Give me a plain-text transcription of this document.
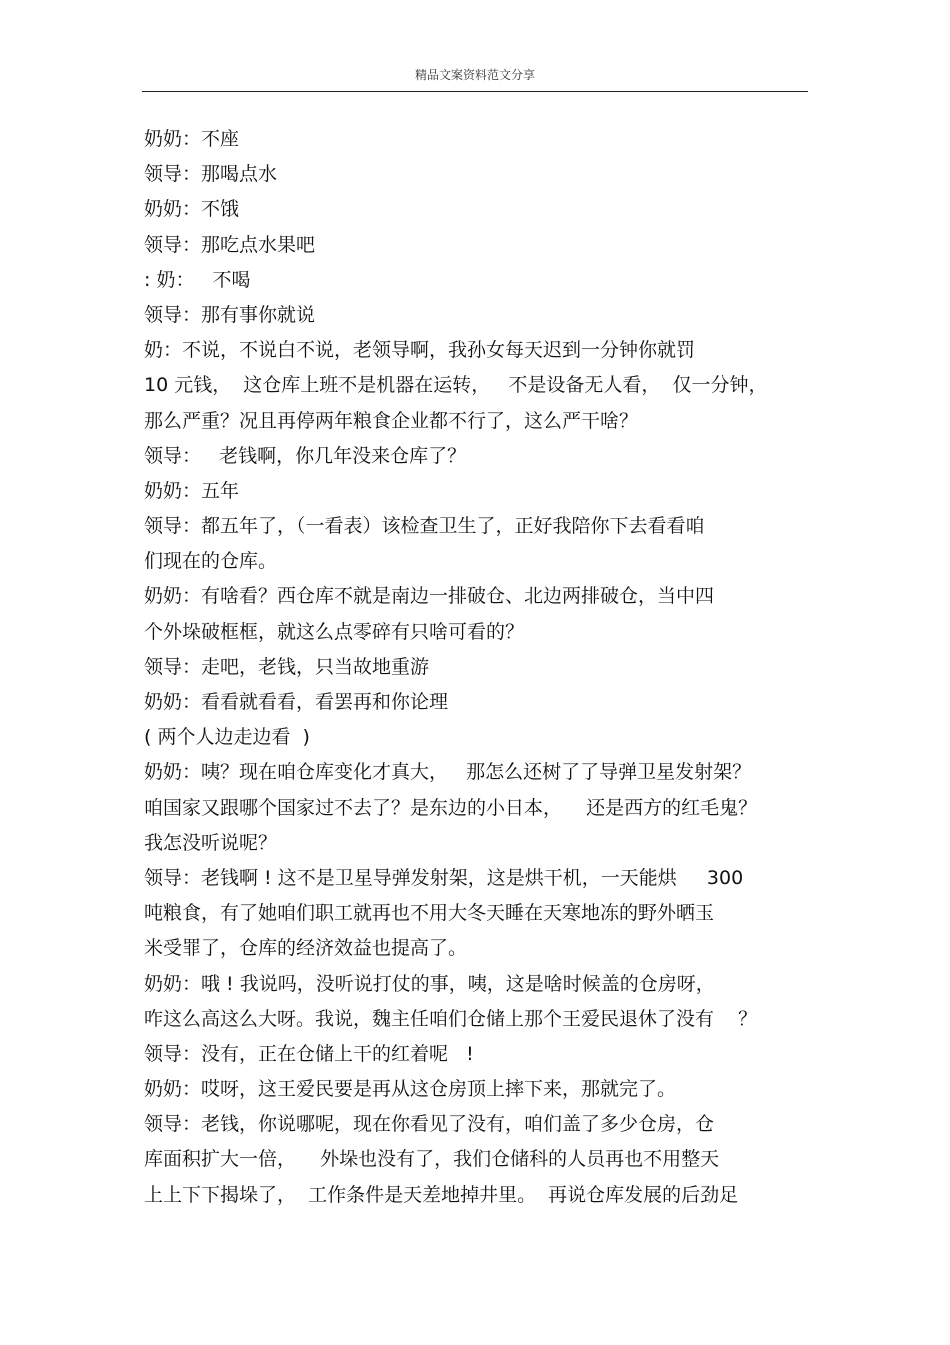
精品文案资料范文分享
奶奶：不座
领导：那喝点水
奶奶：不饿
领导：那吃点水果吧
: 奶：   不喝
领导：那有事你就说
奶：不说，不说白不说，老领导啊，我孙女每天迟到一分钟你就罚
10 元钱，  这仓库上班不是机器在运转，   不是设备无人看，  仅一分钟，
那么严重？况且再停两年粮食企业都不行了，这么严干啥？
领导：   老钱啊，你几年没来仓库了？
奶奶：五年
领导：都五年了，（一看表）该检查卫生了，正好我陪你下去看看咱
们现在的仓库。
奶奶：有啥看？西仓库不就是南边一排破仓、北边两排破仓，当中四
个外垛破框框，就这么点零碎有只啥可看的？
领导：走吧，老钱，只当故地重游
奶奶：看看就看看，看罢再和你论理
( 两个人边走边看  )
奶奶：咦？现在咱仓库变化才真大，   那怎么还树了了导弹卫星发射架？
咱国家又跟哪个国家过不去了？是东边的小日本，    还是西方的红毛鬼？
我怎没听说呢？
领导：老钱啊 ! 这不是卫星导弹发射架，这是烘干机，一天能烘     300
吨粮食，有了她咱们职工就再也不用大冬天睡在天寒地冻的野外晒玉
米受罪了，仓库的经济效益也提高了。
奶奶：哦 ! 我说吗，没听说打仗的事，咦，这是啥时候盖的仓房呀，
咋这么高这么大呀。我说，魏主任咱们仓储上那个王爱民退休了没有    ？
领导：没有，正在仓储上干的红着呢   !
奶奶：哎呀，这王爱民要是再从这仓房顶上摔下来，那就完了。
领导：老钱，你说哪呢，现在你看见了没有，咱们盖了多少仓房，仓
库面积扩大一倍，    外垛也没有了，我们仓储科的人员再也不用整天
上上下下揭垛了，  工作条件是天差地掉井里。  再说仓库发展的后劲足
